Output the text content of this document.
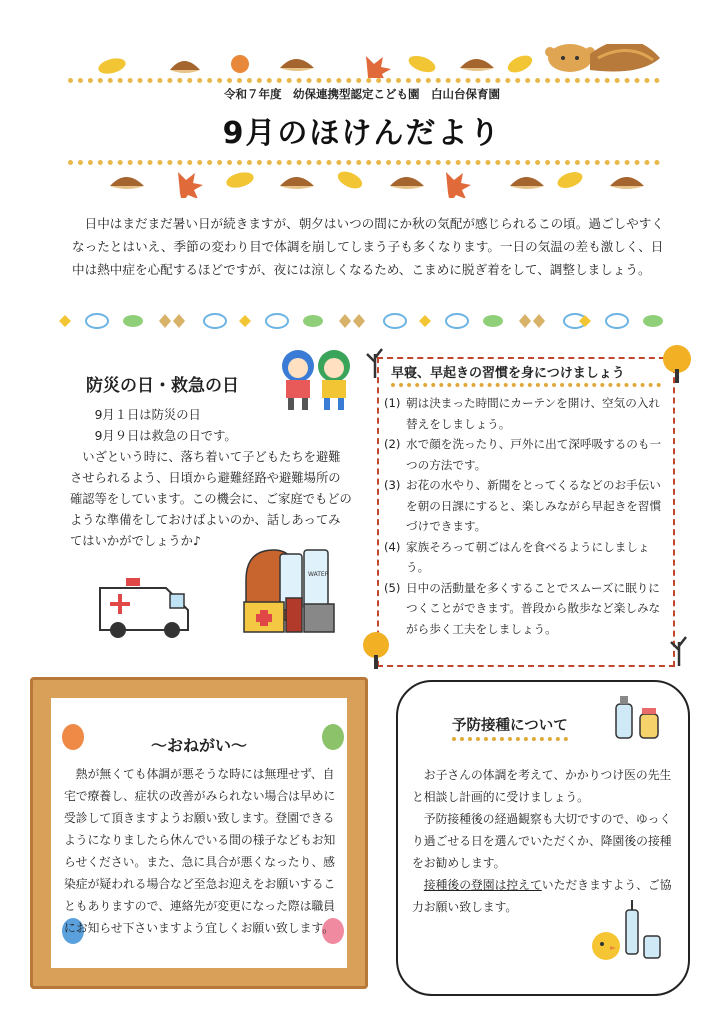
令和７年度　幼保連携型認定こども園　白山台保育園
9月のほけんだより

日中はまだまだ暑い日が続きますが、朝夕はいつの間にか秋の気配が感じられるこの頃。過ごしやすくなったとはいえ、季節の変わり目で体調を崩してしまう子も多くなります。一日の気温の差も激しく、日中は熱中症を心配するほどですが、夜には涼しくなるため、こまめに脱ぎ着をして、調整しましょう。

防災の日・救急の日

9月１日は防災の日

9月９日は救急の日です。

いざという時に、落ち着いて子どもたちを避難させられるよう、日頃から避難経路や避難場所の確認等をしています。この機会に、ご家庭でもどのような準備をしておけばよいのか、話しあってみてはいかがでしょうか♪

WATER
早寝、早起きの習慣を身につけましょう
(1) 朝は決まった時間にカーテンを開け、空気の入れ替えをしましょう。
(2) 水で顔を洗ったり、戸外に出て深呼吸するのも一つの方法です。
(3) お花の水やり、新聞をとってくるなどのお手伝いを朝の日課にすると、楽しみながら早起きを習慣づけできます。
(4) 家族そろって朝ごはんを食べるようにしましょう。
(5) 日中の活動量を多くすることでスムーズに眠りにつくことができます。普段から散歩など楽しみながら歩く工夫をしましょう。
～おねがい～

熱が無くても体調が悪そうな時には無理せず、自宅で療養し、症状の改善がみられない場合は早めに受診して頂きますようお願い致します。登園できるようになりましたら休んでいる間の様子などもお知らせください。また、急に具合が悪くなったり、感染症が疑われる場合など至急お迎えをお願いすることもありますので、連絡先が変更になった際は職員にお知らせ下さいますよう宜しくお願い致します。

予防接種について

お子さんの体調を考えて、かかりつけ医の先生と相談し計画的に受けましょう。

予防接種後の経過観察も大切ですので、ゆっくり過ごせる日を選んでいただくか、降園後の接種をお勧めします。

接種後の登園は控えていただきますよう、ご協力お願い致します。
